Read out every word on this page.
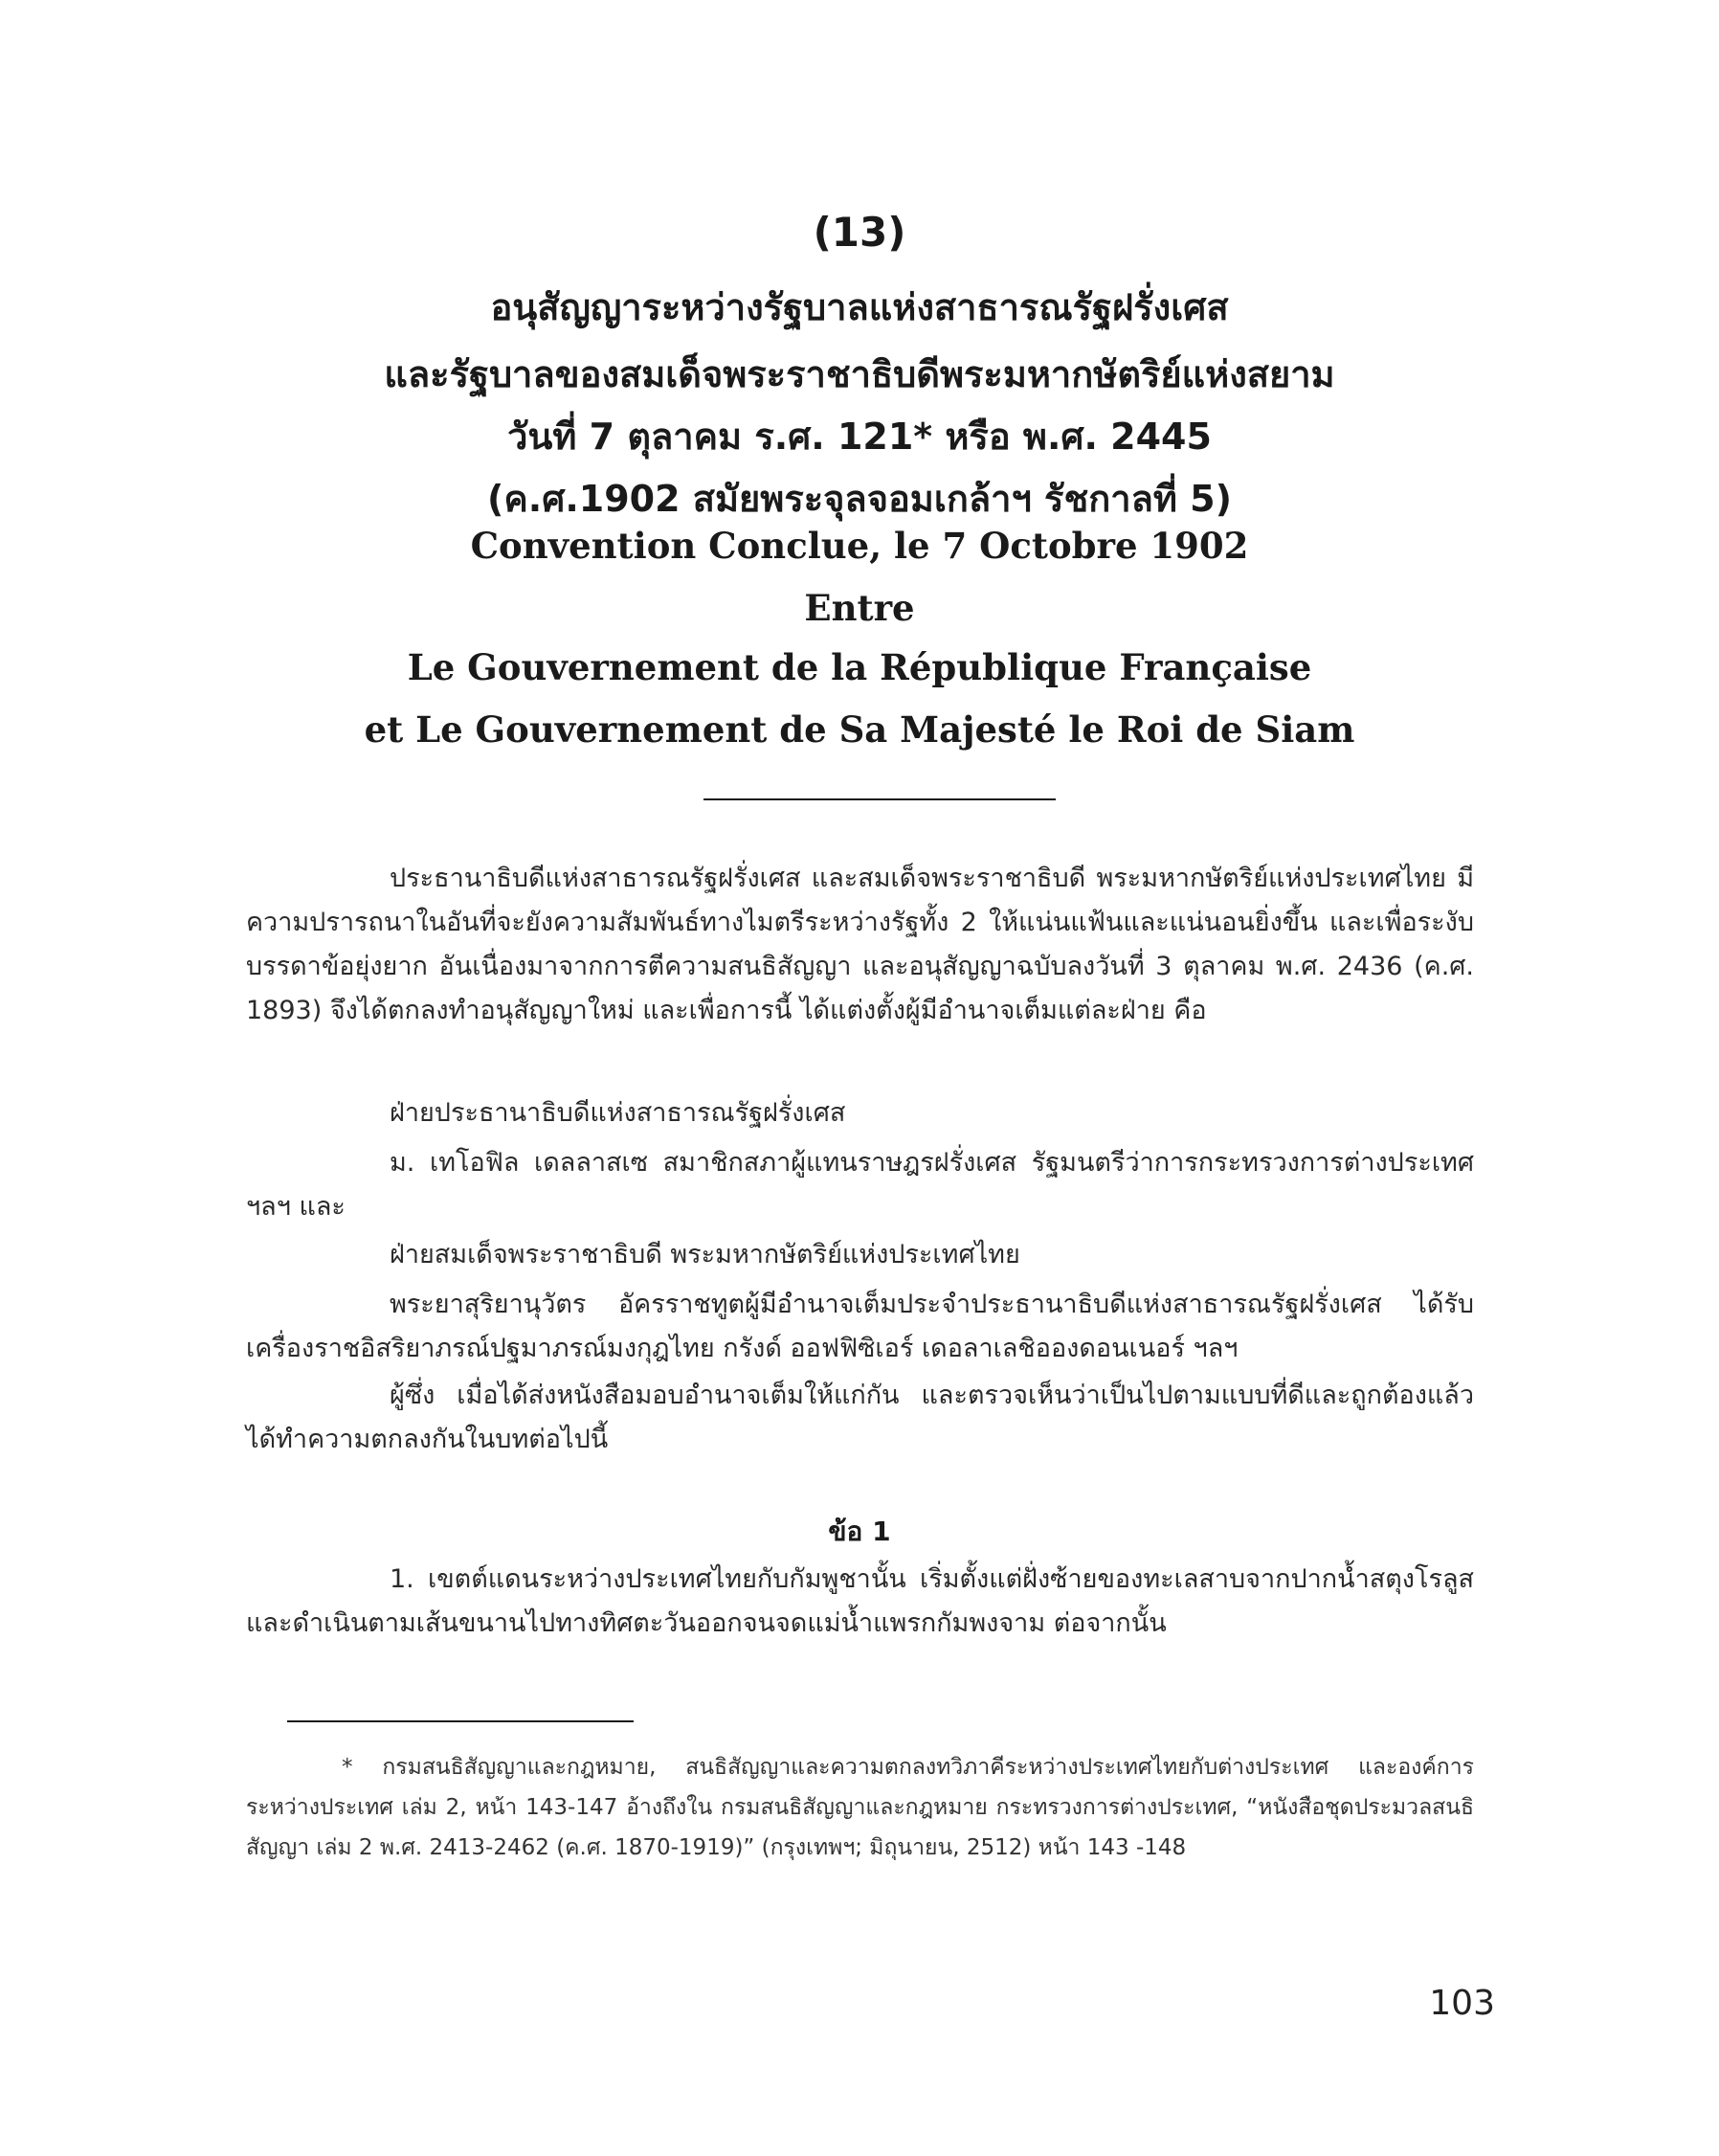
(13)
อนุสัญญาระหว่างรัฐบาลแห่งสาธารณรัฐฝรั่งเศส
และรัฐบาลของสมเด็จพระราชาธิบดีพระมหากษัตริย์แห่งสยาม
วันที่ 7 ตุลาคม ร.ศ. 121* หรือ พ.ศ. 2445
(ค.ศ.1902 สมัยพระจุลจอมเกล้าฯ รัชกาลที่ 5)
Convention Conclue, le 7 Octobre 1902
Entre
Le Gouvernement de la République Française
et Le Gouvernement de Sa Majesté le Roi de Siam
ประธานาธิบดีแห่งสาธารณรัฐฝรั่งเศส และสมเด็จพระราชาธิบดี พระมหากษัตริย์แห่งประเทศไทย มีความปรารถนาในอันที่จะยังความสัมพันธ์ทางไมตรีระหว่างรัฐทั้ง 2 ให้แน่นแฟ้นและแน่นอนยิ่งขึ้น และเพื่อระงับบรรดาข้อยุ่งยาก อันเนื่องมาจากการตีความสนธิสัญญา และอนุสัญญาฉบับลงวันที่ 3 ตุลาคม พ.ศ. 2436 (ค.ศ. 1893) จึงได้ตกลงทำอนุสัญญาใหม่ และเพื่อการนี้ ได้แต่งตั้งผู้มีอำนาจเต็มแต่ละฝ่าย คือ
ฝ่ายประธานาธิบดีแห่งสาธารณรัฐฝรั่งเศส
ม. เทโอฟิล เดลลาสเซ สมาชิกสภาผู้แทนราษฎรฝรั่งเศส รัฐมนตรีว่าการกระทรวงการต่างประเทศ ฯลฯ และ
ฝ่ายสมเด็จพระราชาธิบดี พระมหากษัตริย์แห่งประเทศไทย
พระยาสุริยานุวัตร อัครราชทูตผู้มีอำนาจเต็มประจำประธานาธิบดีแห่งสาธารณรัฐฝรั่งเศส ได้รับเครื่องราชอิสริยาภรณ์ปฐมาภรณ์มงกุฎไทย กรังด์ ออฟฟิซิเอร์ เดอลาเลชิอองดอนเนอร์ ฯลฯ
ผู้ซึ่ง เมื่อได้ส่งหนังสือมอบอำนาจเต็มให้แก่กัน และตรวจเห็นว่าเป็นไปตามแบบที่ดีและถูกต้องแล้ว ได้ทำความตกลงกันในบทต่อไปนี้
ข้อ 1
1. เขตต์แดนระหว่างประเทศไทยกับกัมพูชานั้น เริ่มตั้งแต่ฝั่งซ้ายของทะเลสาบจากปากน้ำสตุงโรลูส และดำเนินตามเส้นขนานไปทางทิศตะวันออกจนจดแม่น้ำแพรกกัมพงจาม ต่อจากนั้น
* กรมสนธิสัญญาและกฎหมาย, สนธิสัญญาและความตกลงทวิภาคีระหว่างประเทศไทยกับต่างประเทศ และองค์การระหว่างประเทศ เล่ม 2, หน้า 143-147 อ้างถึงใน กรมสนธิสัญญาและกฎหมาย กระทรวงการต่างประเทศ, “หนังสือชุดประมวลสนธิสัญญา เล่ม 2 พ.ศ. 2413-2462 (ค.ศ. 1870-1919)” (กรุงเทพฯ; มิถุนายน, 2512) หน้า 143 -148
103
